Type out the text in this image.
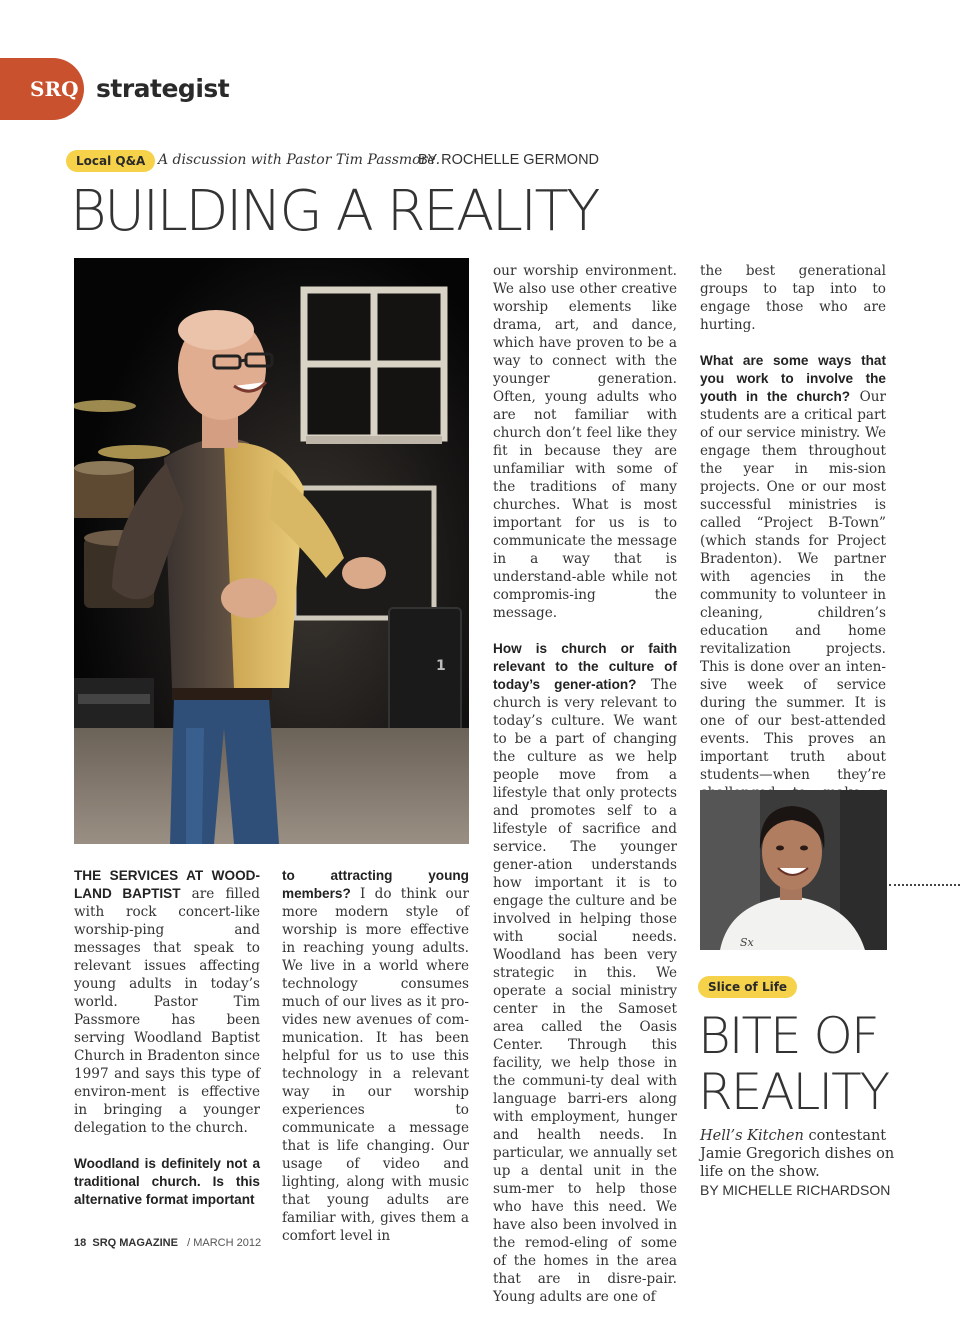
SRQ strategist
Local Q&A A discussion with Pastor Tim Passmore.
BY ROCHELLE GERMOND
BUILDING A REALITY
1

THE SERVICES AT WOOD-LAND BAPTIST are filled with rock concert-like worship-ping and messages that speak to relevant issues affecting young adults in today’s world. Pastor Tim Passmore has been serving Woodland Baptist Church in Bradenton since 1997 and says this type of environ-ment is effective in bringing a younger delegation to the church.

Woodland is definitely not a traditional church. Is this alternative format important

to attracting young members? I do think our more modern style of worship is more effective in reaching young adults. We live in a world where technology consumes much of our lives as it pro-vides new avenues of com-munication. It has been helpful for us to use this technology in a relevant way in our worship experiences to communicate a message that is life changing. Our usage of video and lighting, along with music that young adults are familiar with, gives them a comfort level in

our worship environment. We also use other creative worship elements like drama, art, and dance, which have proven to be a way to connect with the younger generation. Often, young adults who are not familiar with church don’t feel like they fit in because they are unfamiliar with some of the traditions of many churches. What is most important for us is to communicate the message in a way that is understand-able while not compromis-ing the message.

How is church or faith relevant to the culture of today’s gener-ation? The church is very relevant to today’s culture. We want to be a part of changing the culture as we help people move from a lifestyle that only protects and promotes self to a lifestyle of sacrifice and service. The younger gener-ation understands how important it is to engage the culture and be involved in helping those with social needs. Woodland has been very strategic in this. We operate a social ministry center in the Samoset area called the Oasis Center. Through this facility, we help those in the communi-ty deal with language barri-ers along with employment, hunger and health needs. In particular, we annually set up a dental unit in the sum-mer to help those who have this need. We have also been involved in the remod-eling of some of the homes in the area that are in disre-pair. Young adults are one of

the best generational groups to tap into to engage those who are hurting.

What are some ways that you work to involve the youth in the church? Our students are a critical part of our service ministry. We engage them throughout the year in mis-sion projects. One or our most successful ministries is called “Project B-Town” (which stands for Project Bradenton). We partner with agencies in the community to volunteer in cleaning, children’s education and home revitalization projects. This is done over an inten-sive week of service during the summer. It is one of our best-attended events. This proves an important truth about students—when they’re

Sx
Slice of Life
BITE OF
REALITY
Hell’s Kitchen contestant Jamie Gregorich dishes on life on the show.
BY MICHELLE RICHARDSON
18 SRQ MAGAZINE / MARCH 2012
